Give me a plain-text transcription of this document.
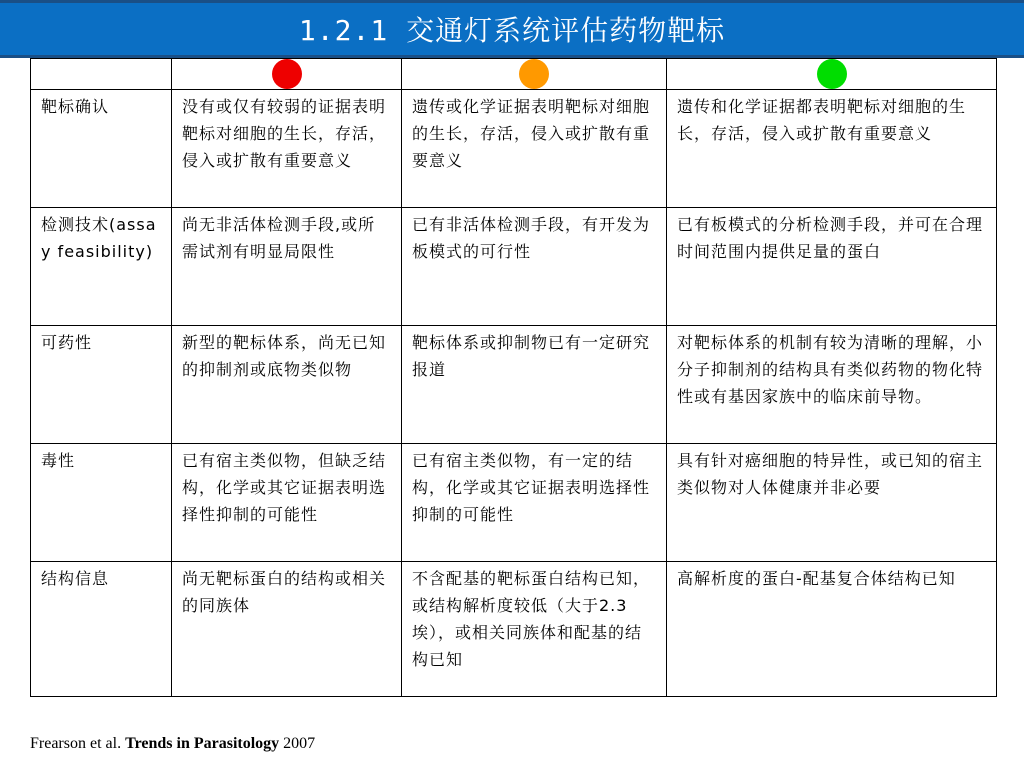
1.2.1 交通灯系统评估药物靶标

靶标确认	没有或仅有较弱的证据表明靶标对细胞的生长，存活，侵入或扩散有重要意义	遗传或化学证据表明靶标对细胞的生长，存活，侵入或扩散有重要意义	遗传和化学证据都表明靶标对细胞的生长，存活，侵入或扩散有重要意义
检测技术(assay feasibility)	尚无非活体检测手段,或所需试剂有明显局限性	已有非活体检测手段，有开发为板模式的可行性	已有板模式的分析检测手段，并可在合理时间范围内提供足量的蛋白
可药性	新型的靶标体系，尚无已知的抑制剂或底物类似物	靶标体系或抑制物已有一定研究报道	对靶标体系的机制有较为清晰的理解，小分子抑制剂的结构具有类似药物的物化特性或有基因家族中的临床前导物。
毒性	已有宿主类似物，但缺乏结构，化学或其它证据表明选择性抑制的可能性	已有宿主类似物，有一定的结构，化学或其它证据表明选择性抑制的可能性	具有针对癌细胞的特异性，或已知的宿主类似物对人体健康并非必要
结构信息	尚无靶标蛋白的结构或相关的同族体	不含配基的靶标蛋白结构已知，或结构解析度较低（大于2.3埃），或相关同族体和配基的结构已知	高解析度的蛋白-配基复合体结构已知
Frearson et al. Trends in Parasitology 2007
